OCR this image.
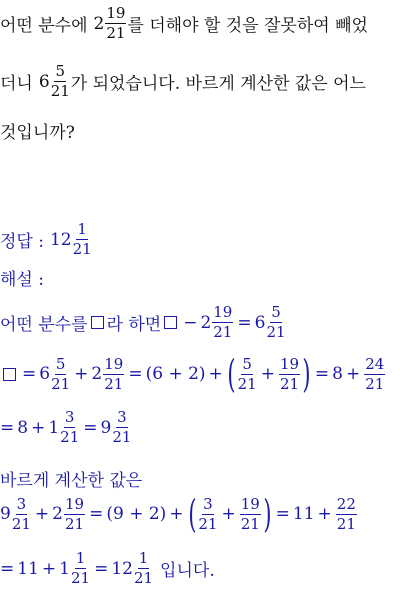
어떤 분수에 $2 \frac{19}{21}$ 를 더해야 할 것을 잘못하여 빼었
더니 $6 \frac{5}{21}$ 가 되었습니다. 바르게 계산한 값은 어느
것입니까?
정답 : $12 \frac{1}{21}$
해설 :
어떤 분수를 라 하면 − $2 \frac{19}{21} = 6 \frac{5}{21}$
= $6 \frac{5}{21} + 2 \frac{19}{21} = (6 + 2)$ + ( $\frac{5}{21} + \frac{19}{21}$ ) = $8 + \frac{24}{21}$
= $8 + 1 \frac{3}{21} = 9 \frac{3}{21}$
바르게 계산한 값은
$9 \frac{3}{21} + 2 \frac{19}{21} = (9 + 2)$ + ( $\frac{3}{21} + \frac{19}{21}$ ) = $11 + \frac{22}{21}$
= $11 + 1 \frac{1}{21} = 12 \frac{1}{21}$ 입니다.
